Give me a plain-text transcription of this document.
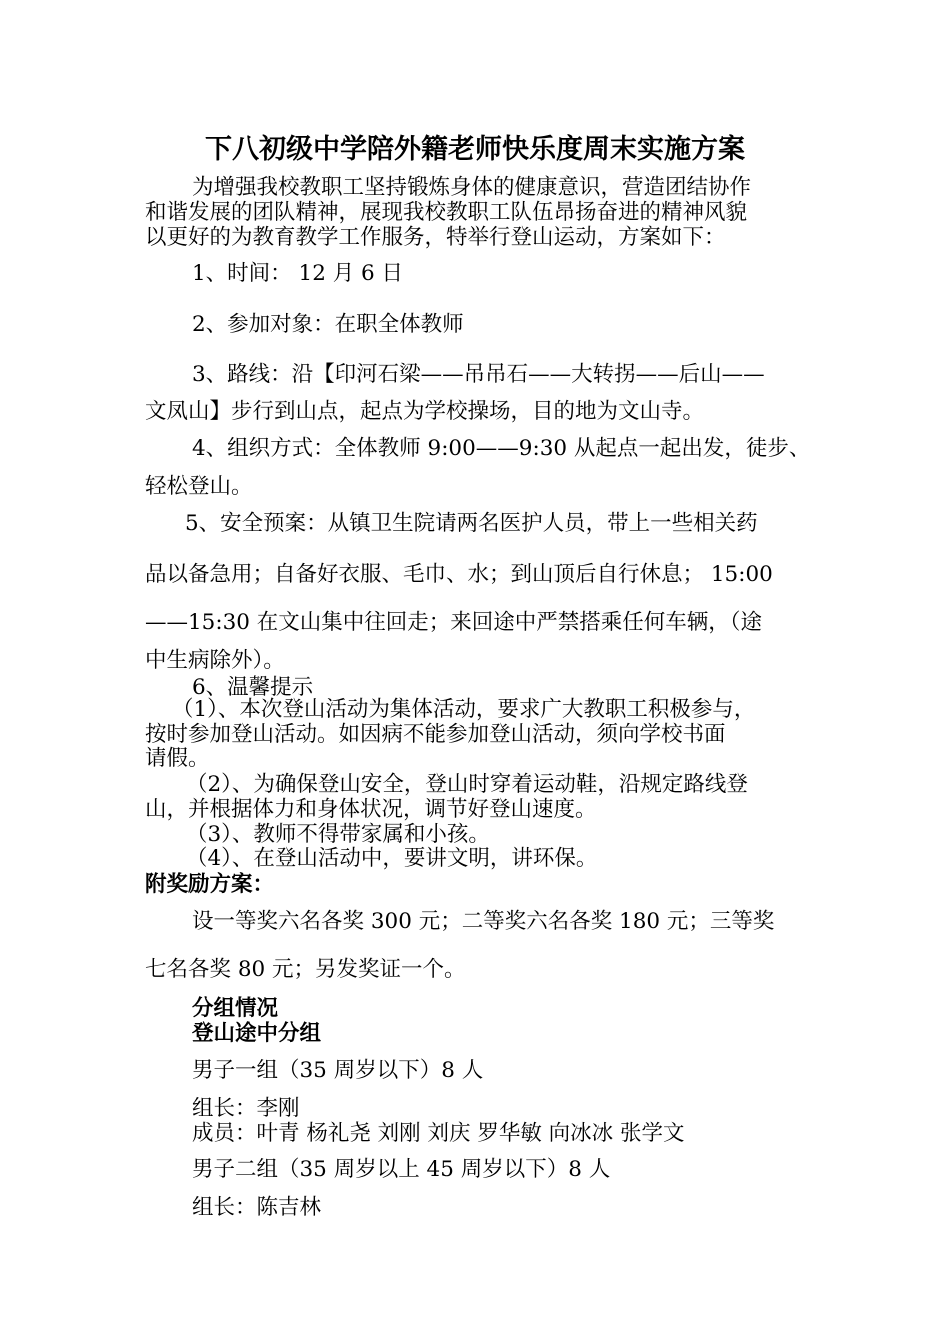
下八初级中学陪外籍老师快乐度周末实施方案
为增强我校教职工坚持锻炼身体的健康意识，营造团结协作
和谐发展的团队精神，展现我校教职工队伍昂扬奋进的精神风貌
以更好的为教育教学工作服务，特举行登山运动，方案如下：
1、时间： 12 月 6 日
2、参加对象：在职全体教师
3、路线：沿【印河石梁——吊吊石——大转拐——后山——
文凤山】步行到山点，起点为学校操场，目的地为文山寺。
4、组织方式：全体教师 9:00——9:30 从起点一起出发，徒步、
轻松登山。
5、安全预案：从镇卫生院请两名医护人员，带上一些相关药
品以备急用；自备好衣服、毛巾、水；到山顶后自行休息； 15:00
——15:30 在文山集中往回走；来回途中严禁搭乘任何车辆，（途
中生病除外）。
6、温馨提示
（1）、本次登山活动为集体活动，要求广大教职工积极参与，
按时参加登山活动。如因病不能参加登山活动，须向学校书面
请假。
（2）、为确保登山安全，登山时穿着运动鞋，沿规定路线登
山，并根据体力和身体状况，调节好登山速度。
（3）、教师不得带家属和小孩。
（4）、在登山活动中，要讲文明，讲环保。
附奖励方案：
设一等奖六名各奖 300 元；二等奖六名各奖 180 元；三等奖
七名各奖 80 元；另发奖证一个。
分组情况
登山途中分组
男子一组（35 周岁以下）8 人
组长：李刚
成员：叶青 杨礼尧 刘刚 刘庆 罗华敏 向冰冰 张学文
男子二组（35 周岁以上 45 周岁以下）8 人
组长：陈吉林
